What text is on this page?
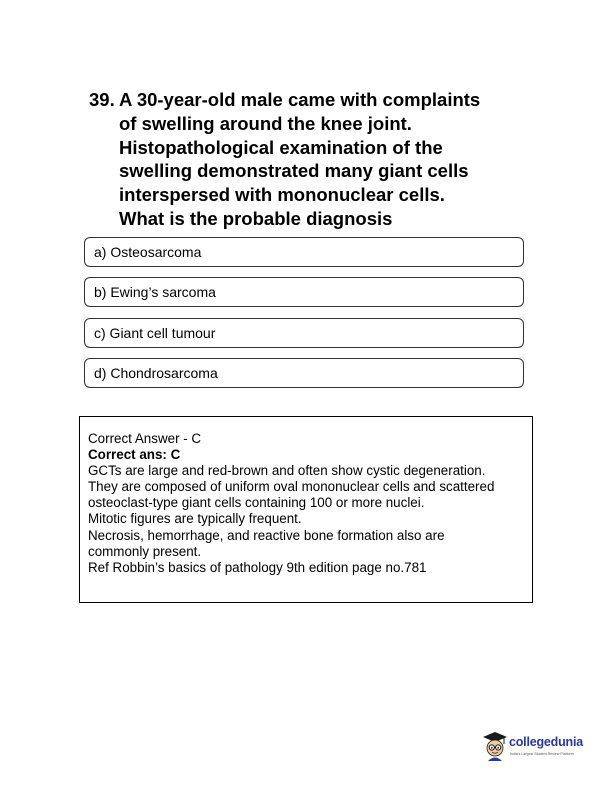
39. A 30-year-old male came with complaints
of swelling around the knee joint.
Histopathological examination of the
swelling demonstrated many giant cells
interspersed with mononuclear cells.
What is the probable diagnosis
a) Osteosarcoma
b) Ewing’s sarcoma
c) Giant cell tumour
d) Chondrosarcoma
Correct Answer - C
Correct ans: C
GCTs are large and red-brown and often show cystic degeneration.
They are composed of uniform oval mononuclear cells and scattered
osteoclast-type giant cells containing 100 or more nuclei.
Mitotic figures are typically frequent.
Necrosis, hemorrhage, and reactive bone formation also are
commonly present.
Ref Robbin’s basics of pathology 9th edition page no.781
collegedunia
India's Largest Student Review Platform
